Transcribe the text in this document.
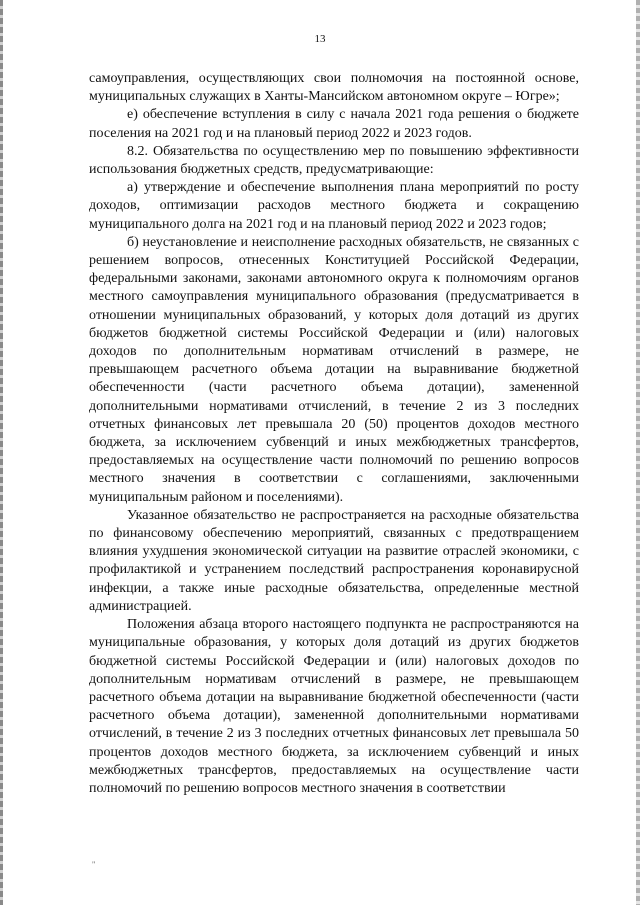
13

самоуправления, осуществляющих свои полномочия на постоянной основе, муниципальных служащих в Ханты-Мансийском автономном округе – Югре»;

е) обеспечение вступления в силу с начала 2021 года решения о бюджете поселения на 2021 год и на плановый период 2022 и 2023 годов.

8.2. Обязательства по осуществлению мер по повышению эффективности использования бюджетных средств, предусматривающие:

а) утверждение и обеспечение выполнения плана мероприятий по росту доходов, оптимизации расходов местного бюджета и сокращению муниципального долга на 2021 год и на плановый период 2022 и 2023 годов;

б) неустановление и неисполнение расходных обязательств, не связанных с решением вопросов, отнесенных Конституцией Российской Федерации, федеральными законами, законами автономного округа к полномочиям органов местного самоуправления муниципального образования (предусматривается в отношении муниципальных образований, у которых доля дотаций из других бюджетов бюджетной системы Российской Федерации и (или) налоговых доходов по дополнительным нормативам отчислений в размере, не превышающем расчетного объема дотации на выравнивание бюджетной обеспеченности (части расчетного объема дотации), замененной дополнительными нормативами отчислений, в течение 2 из 3 последних отчетных финансовых лет превышала 20 (50) процентов доходов местного бюджета, за исключением субвенций и иных межбюджетных трансфертов, предоставляемых на осуществление части полномочий по решению вопросов местного значения в соответствии с соглашениями, заключенными муниципальным районом и поселениями).

Указанное обязательство не распространяется на расходные обязательства по финансовому обеспечению мероприятий, связанных с предотвращением влияния ухудшения экономической ситуации на развитие отраслей экономики, с профилактикой и устранением последствий распространения коронавирусной инфекции, а также иные расходные обязательства, определенные местной администрацией.

Положения абзаца второго настоящего подпункта не распространяются на муниципальные образования, у которых доля дотаций из других бюджетов бюджетной системы Российской Федерации и (или) налоговых доходов по дополнительным нормативам отчислений в размере, не превышающем расчетного объема дотации на выравнивание бюджетной обеспеченности (части расчетного объема дотации), замененной дополнительными нормативами отчислений, в течение 2 из 3 последних отчетных финансовых лет превышала 50 процентов доходов местного бюджета, за исключением субвенций и иных межбюджетных трансфертов, предоставляемых на осуществление части полномочий по решению вопросов местного значения в соответствии

"
